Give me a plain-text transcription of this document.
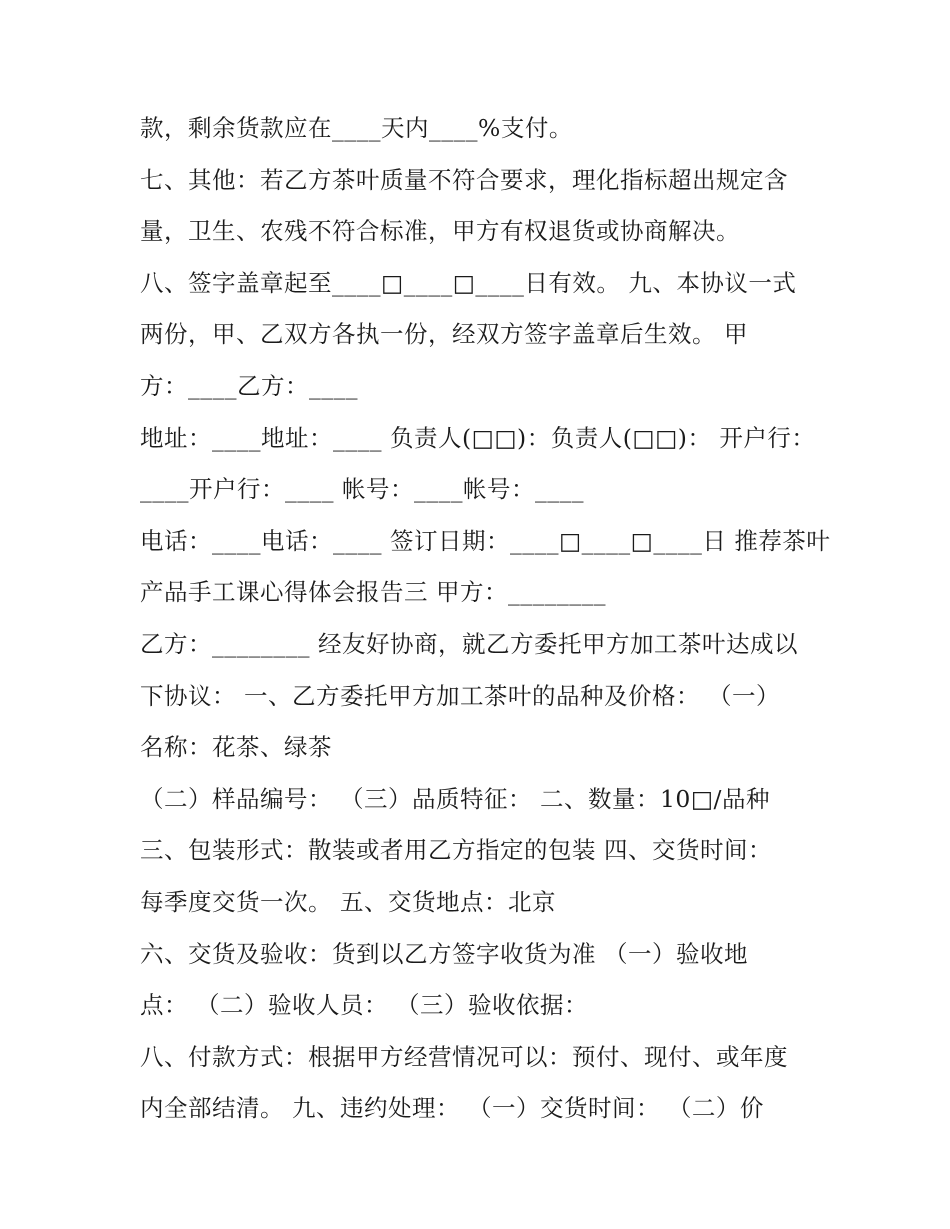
款，剩余货款应在____天内____%支付。
七、其他：若乙方茶叶质量不符合要求，理化指标超出规定含
量，卫生、农残不符合标准，甲方有权退货或协商解决。
八、签字盖章起至____□____□____日有效。 九、本协议一式
两份，甲、乙双方各执一份，经双方签字盖章后生效。 甲
方：____乙方：____
地址：____地址：____ 负责人(□□)：负责人(□□)： 开户行：
____开户行：____ 帐号：____帐号：____
电话：____电话：____ 签订日期：____□____□____日 推荐茶叶
产品手工课心得体会报告三 甲方：________
乙方：________ 经友好协商，就乙方委托甲方加工茶叶达成以
下协议： 一、乙方委托甲方加工茶叶的品种及价格： （一）
名称：花茶、绿茶
（二）样品编号： （三）品质特征： 二、数量：10□/品种
三、包装形式：散装或者用乙方指定的包装 四、交货时间：
每季度交货一次。 五、交货地点：北京
六、交货及验收：货到以乙方签字收货为准 （一）验收地
点： （二）验收人员： （三）验收依据：
八、付款方式：根据甲方经营情况可以：预付、现付、或年度
内全部结清。 九、违约处理： （一）交货时间： （二）价
